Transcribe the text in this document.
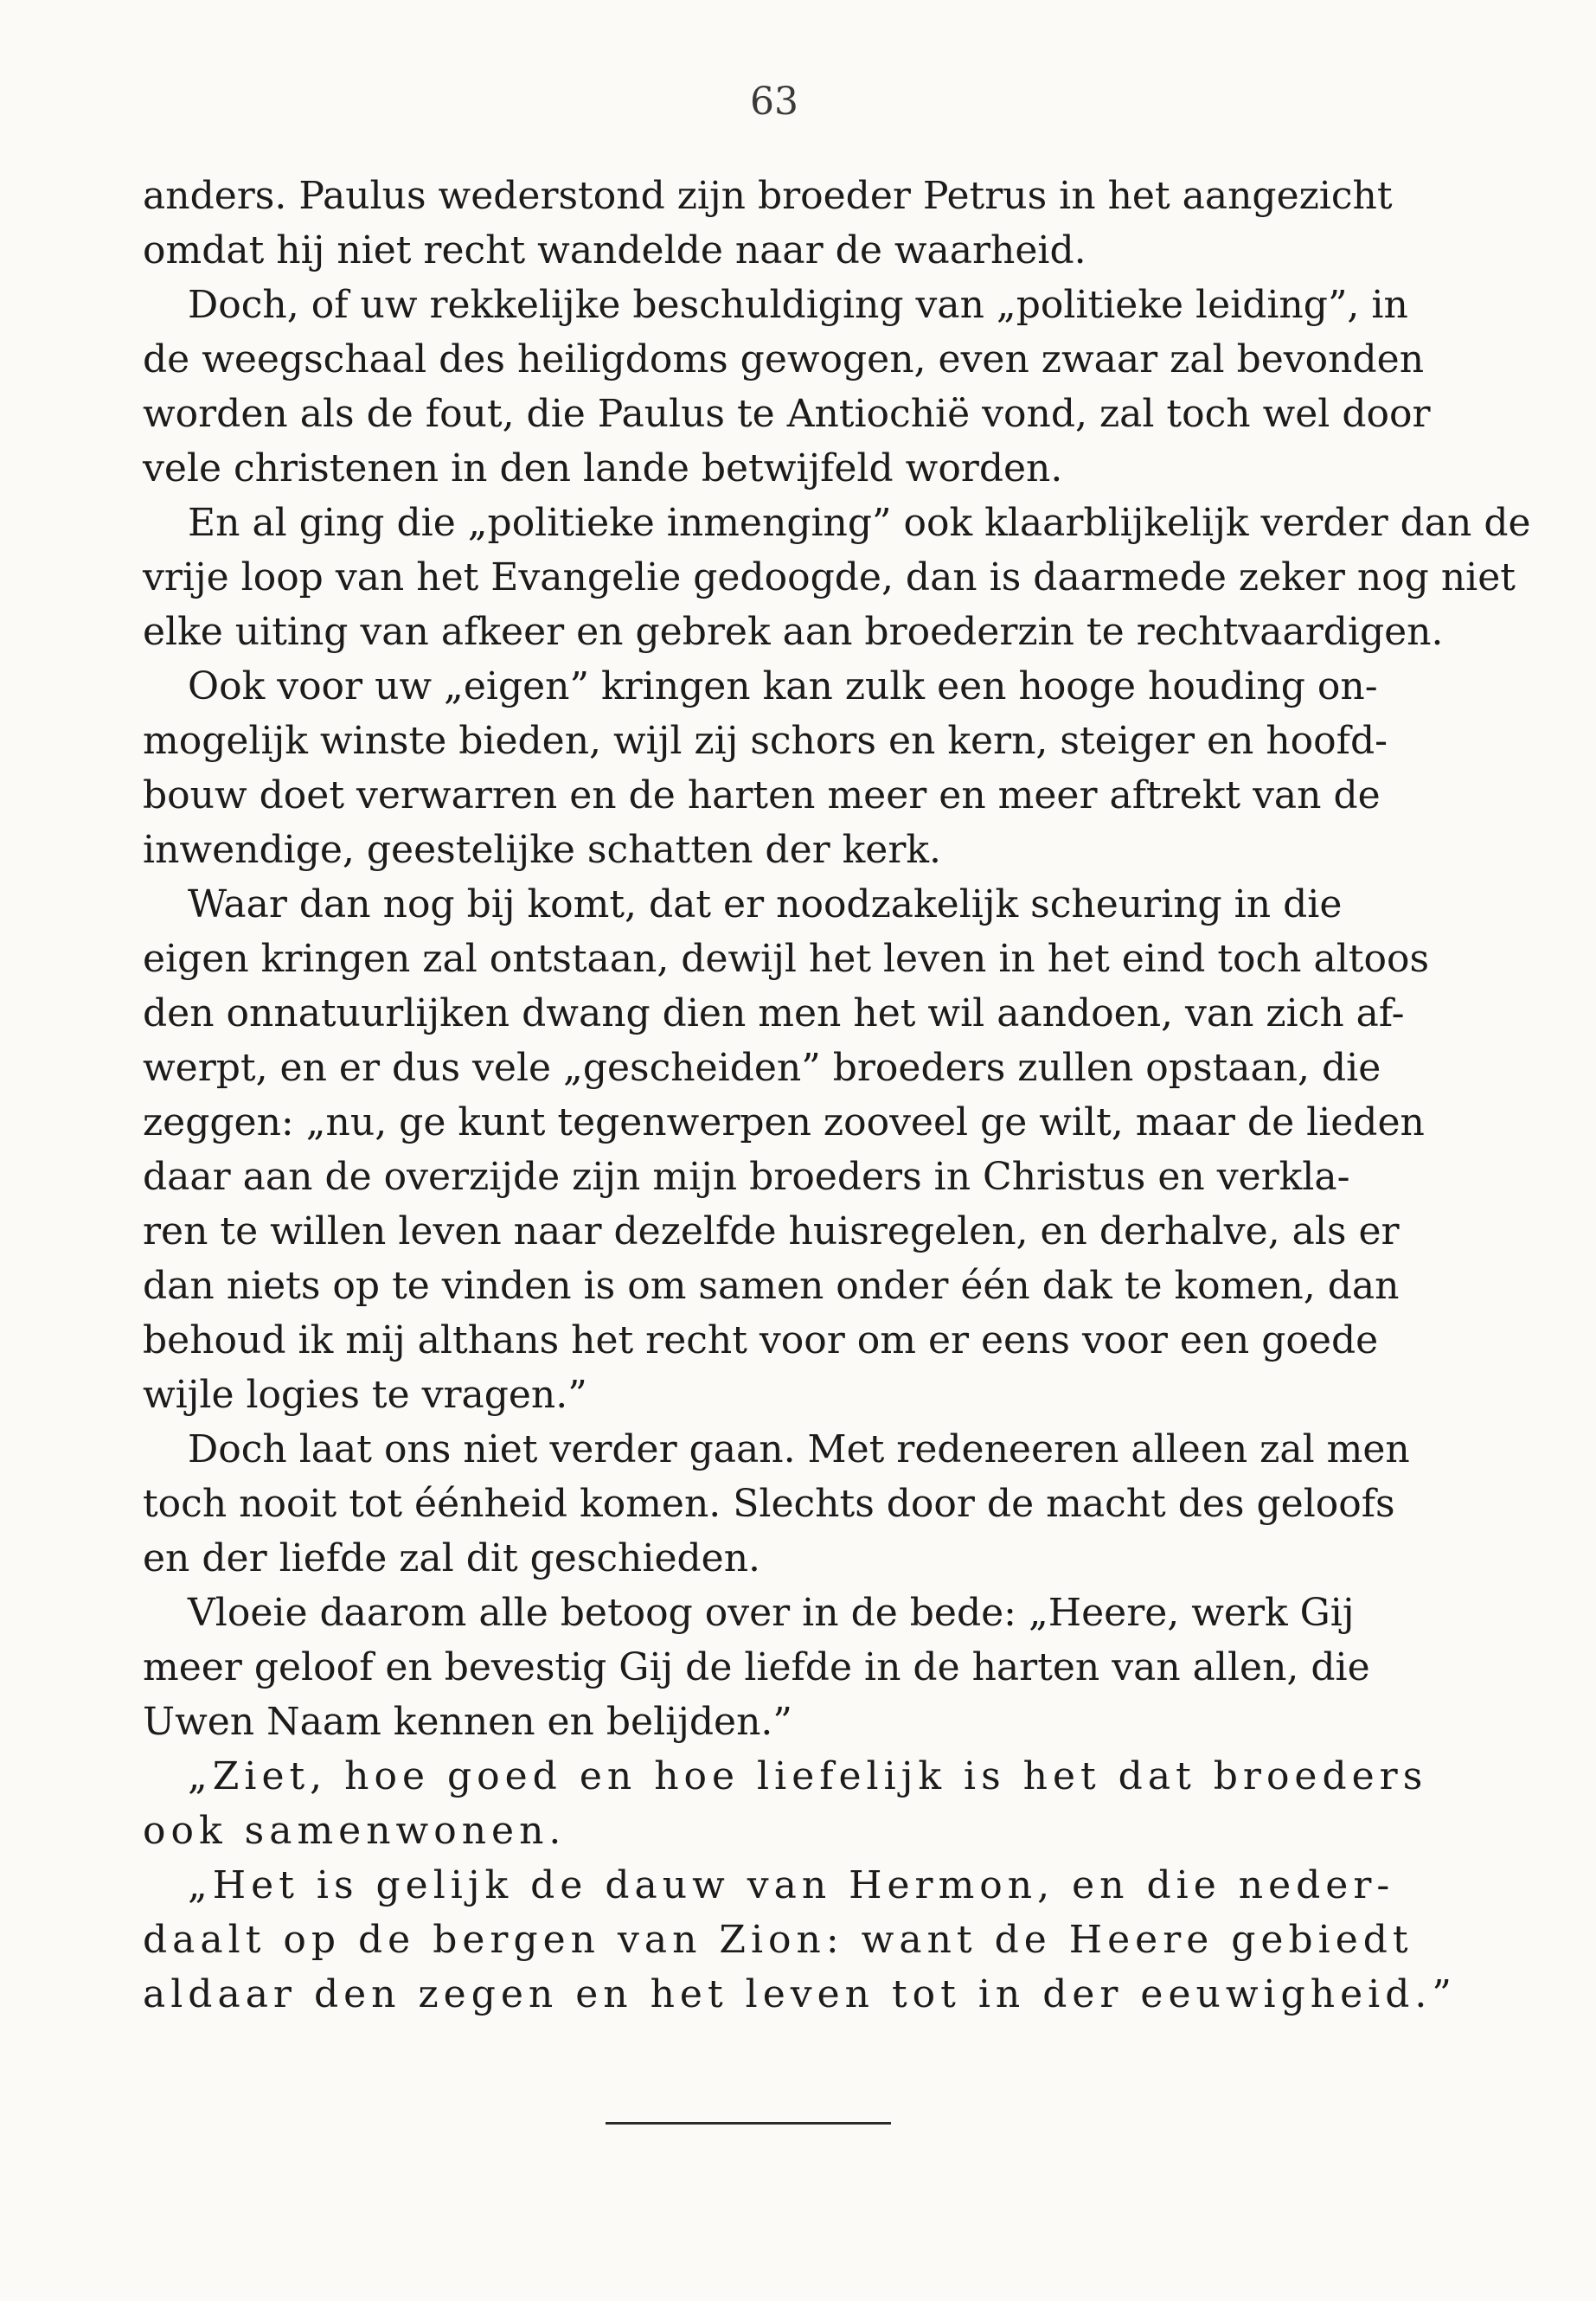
63
anders. Paulus wederstond zijn broeder Petrus in het aangezicht
omdat hij niet recht wandelde naar de waarheid.
Doch, of uw rekkelijke beschuldiging van „politieke leiding”, in
de weegschaal des heiligdoms gewogen, even zwaar zal bevonden
worden als de fout, die Paulus te Antiochië vond, zal toch wel door
vele christenen in den lande betwijfeld worden.
En al ging die „politieke inmenging” ook klaarblijkelijk verder dan de
vrije loop van het Evangelie gedoogde, dan is daarmede zeker nog niet
elke uiting van afkeer en gebrek aan broederzin te rechtvaardigen.
Ook voor uw „eigen” kringen kan zulk een hooge houding on-
mogelijk winste bieden, wijl zij schors en kern, steiger en hoofd-
bouw doet verwarren en de harten meer en meer aftrekt van de
inwendige, geestelijke schatten der kerk.
Waar dan nog bij komt, dat er noodzakelijk scheuring in die
eigen kringen zal ontstaan, dewijl het leven in het eind toch altoos
den onnatuurlijken dwang dien men het wil aandoen, van zich af-
werpt, en er dus vele „gescheiden” broeders zullen opstaan, die
zeggen: „nu, ge kunt tegenwerpen zooveel ge wilt, maar de lieden
daar aan de overzijde zijn mijn broeders in Christus en verkla-
ren te willen leven naar dezelfde huisregelen, en derhalve, als er
dan niets op te vinden is om samen onder één dak te komen, dan
behoud ik mij althans het recht voor om er eens voor een goede
wijle logies te vragen.”
Doch laat ons niet verder gaan. Met redeneeren alleen zal men
toch nooit tot éénheid komen. Slechts door de macht des geloofs
en der liefde zal dit geschieden.
Vloeie daarom alle betoog over in de bede: „Heere, werk Gij
meer geloof en bevestig Gij de liefde in de harten van allen, die
Uwen Naam kennen en belijden.”
„Ziet, hoe goed en hoe liefelijk is het dat broeders
ook samenwonen.
„Het is gelijk de dauw van Hermon, en die neder-
daalt op de bergen van Zion: want de Heere gebiedt
aldaar den zegen en het leven tot in der eeuwigheid.”
